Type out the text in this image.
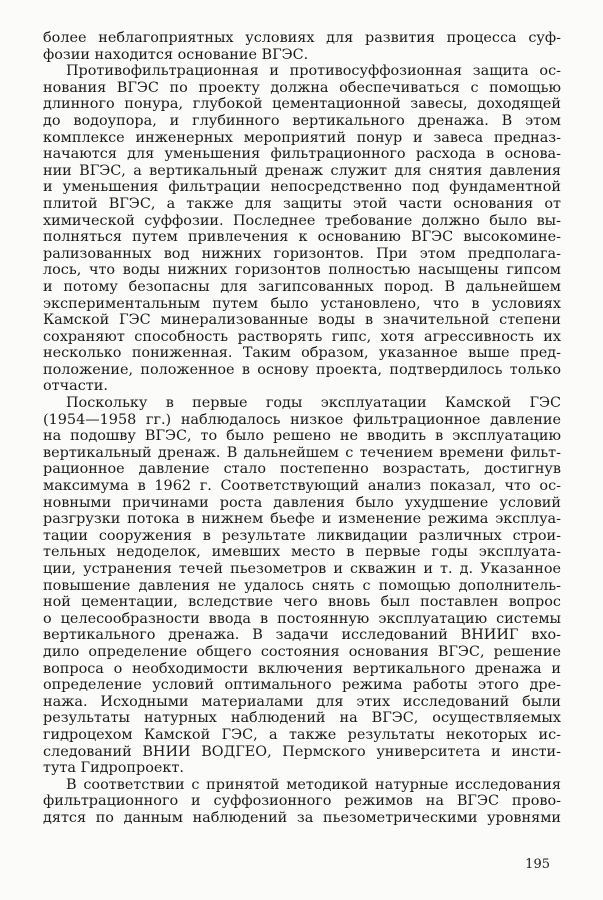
более неблагоприятных условиях для развития процесса суф-
фозии находится основание ВГЭС.
Противофильтрационная и противосуффозионная защита ос-
нования ВГЭС по проекту должна обеспечиваться с помощью
длинного понура, глубокой цементационной завесы, доходящей
до водоупора, и глубинного вертикального дренажа. В этом
комплексе инженерных мероприятий понур и завеса предназ-
начаются для уменьшения фильтрационного расхода в основа-
нии ВГЭС, а вертикальный дренаж служит для снятия давления
и уменьшения фильтрации непосредственно под фундаментной
плитой ВГЭС, а также для защиты этой части основания от
химической суффозии. Последнее требование должно было вы-
полняться путем привлечения к основанию ВГЭС высокомине-
рализованных вод нижних горизонтов. При этом предполага-
лось, что воды нижних горизонтов полностью насыщены гипсом
и потому безопасны для загипсованных пород. В дальнейшем
экспериментальным путем было установлено, что в условиях
Камской ГЭС минерализованные воды в значительной степени
сохраняют способность растворять гипс, хотя агрессивность их
несколько пониженная. Таким образом, указанное выше пред-
положение, положенное в основу проекта, подтвердилось только
отчасти.
Поскольку в первые годы эксплуатации Камской ГЭС
(1954—1958 гг.) наблюдалось низкое фильтрационное давление
на подошву ВГЭС, то было решено не вводить в эксплуатацию
вертикальный дренаж. В дальнейшем с течением времени фильт-
рационное давление стало постепенно возрастать, достигнув
максимума в 1962 г. Соответствующий анализ показал, что ос-
новными причинами роста давления было ухудшение условий
разгрузки потока в нижнем бьефе и изменение режима эксплуа-
тации сооружения в результате ликвидации различных строи-
тельных недоделок, имевших место в первые годы эксплуата-
ции, устранения течей пьезометров и скважин и т. д. Указанное
повышение давления не удалось снять с помощью дополнитель-
ной цементации, вследствие чего вновь был поставлен вопрос
о целесообразности ввода в постоянную эксплуатацию системы
вертикального дренажа. В задачи исследований ВНИИГ вхо-
дило определение общего состояния основания ВГЭС, решение
вопроса о необходимости включения вертикального дренажа и
определение условий оптимального режима работы этого дре-
нажа. Исходными материалами для этих исследований были
результаты натурных наблюдений на ВГЭС, осуществляемых
гидроцехом Камской ГЭС, а также результаты некоторых ис-
следований ВНИИ ВОДГЕО, Пермского университета и инсти-
тута Гидропроект.
В соответствии с принятой методикой натурные исследования
фильтрационного и суффозионного режимов на ВГЭС прово-
дятся по данным наблюдений за пьезометрическими уровнями
195
